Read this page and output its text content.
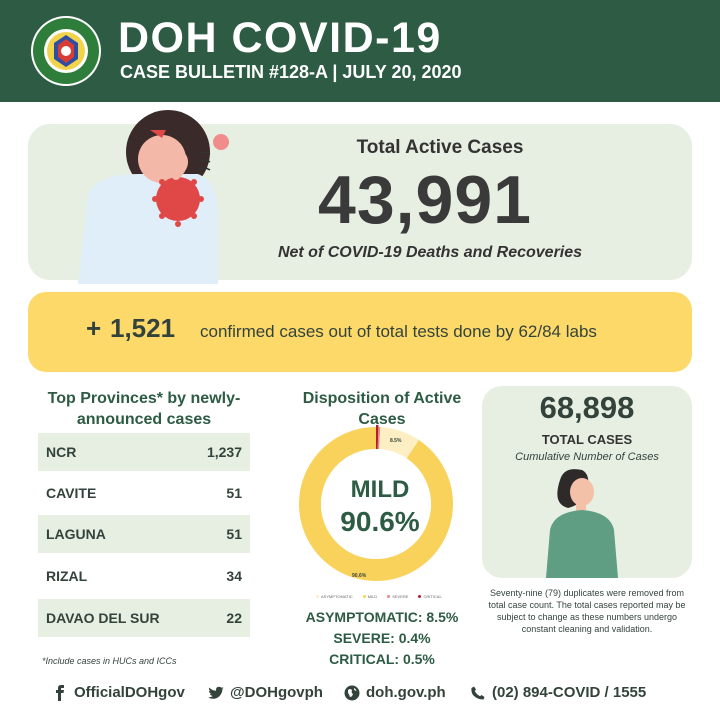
DOH COVID-19
CASE BULLETIN #128-A | JULY 20, 2020
Total Active Cases
43,991
Net of COVID-19 Deaths and Recoveries
+ 1,521 confirmed cases out of total tests done by 62/84 labs
Top Provinces* by newly-announced cases
NCR	1,237
CAVITE	51
LAGUNA	51
RIZAL	34
DAVAO DEL SUR	22
*Include cases in HUCs and ICCs
Disposition of Active Cases
MILD
90.6%
8.5%
90.6%
ASYMPTOMATIC	MILD	SEVERE	CRITICAL
ASYMPTOMATIC: 8.5%
SEVERE: 0.4%
CRITICAL: 0.5%
68,898
TOTAL CASES
Cumulative Number of Cases
Seventy-nine (79) duplicates were removed from total case count. The total cases reported may be subject to change as these numbers undergo constant cleaning and validation.
OfficialDOHgov	@DOHgovph	doh.gov.ph	(02) 894-COVID / 1555
